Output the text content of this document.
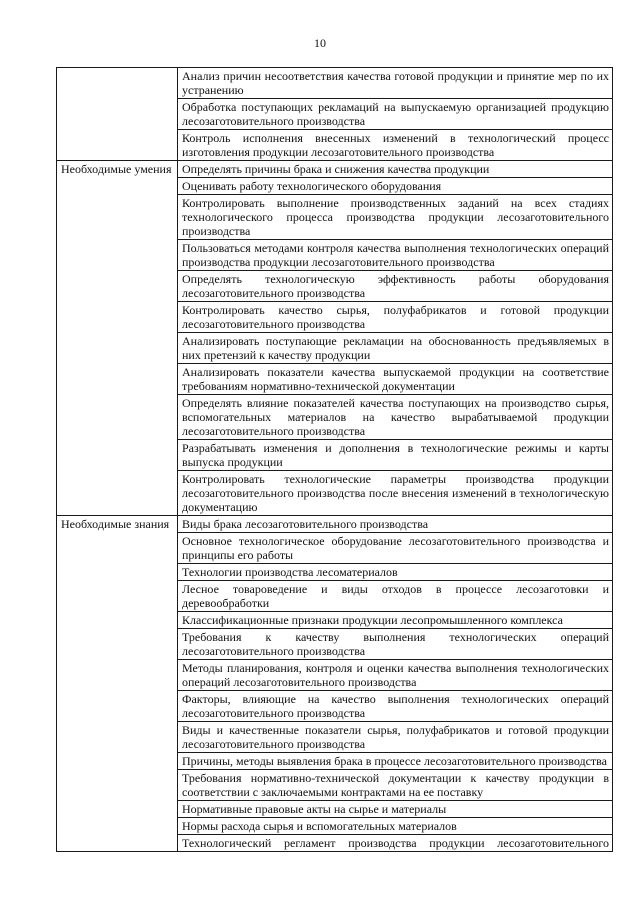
10
	Анализ причин несоответствия качества готовой продукции и принятие мер по их устранению
	Обработка поступающих рекламаций на выпускаемую организацией продукцию лесозаготовительного производства
	Контроль исполнения внесенных изменений в технологический процесс изготовления продукции лесозаготовительного производства
Необходимые умения	Определять причины брака и снижения качества продукции
	Оценивать работу технологического оборудования
	Контролировать выполнение производственных заданий на всех стадиях технологического процесса производства продукции лесозаготовительного производства
	Пользоваться методами контроля качества выполнения технологических операций производства продукции лесозаготовительного производства
	Определять технологическую эффективность работы оборудования лесозаготовительного производства
	Контролировать качество сырья, полуфабрикатов и готовой продукции лесозаготовительного производства
	Анализировать поступающие рекламации на обоснованность предъявляемых в них претензий к качеству продукции
	Анализировать показатели качества выпускаемой продукции на соответствие требованиям нормативно-технической документации
	Определять влияние показателей качества поступающих на производство сырья, вспомогательных материалов на качество вырабатываемой продукции лесозаготовительного производства
	Разрабатывать изменения и дополнения в технологические режимы и карты выпуска продукции
	Контролировать технологические параметры производства продукции лесозаготовительного производства после внесения изменений в технологическую документацию
Необходимые знания	Виды брака лесозаготовительного производства
	Основное технологическое оборудование лесозаготовительного производства и принципы его работы
	Технологии производства лесоматериалов
	Лесное товароведение и виды отходов в процессе лесозаготовки и деревообработки
	Классификационные признаки продукции лесопромышленного комплекса
	Требования к качеству выполнения технологических операций лесозаготовительного производства
	Методы планирования, контроля и оценки качества выполнения технологических операций лесозаготовительного производства
	Факторы, влияющие на качество выполнения технологических операций лесозаготовительного производства
	Виды и качественные показатели сырья, полуфабрикатов и готовой продукции лесозаготовительного производства
	Причины, методы выявления брака в процессе лесозаготовительного производства
	Требования нормативно-технической документации к качеству продукции в соответствии с заключаемыми контрактами на ее поставку
	Нормативные правовые акты на сырье и материалы
	Нормы расхода сырья и вспомогательных материалов
	Технологический регламент производства продукции лесозаготовительного
